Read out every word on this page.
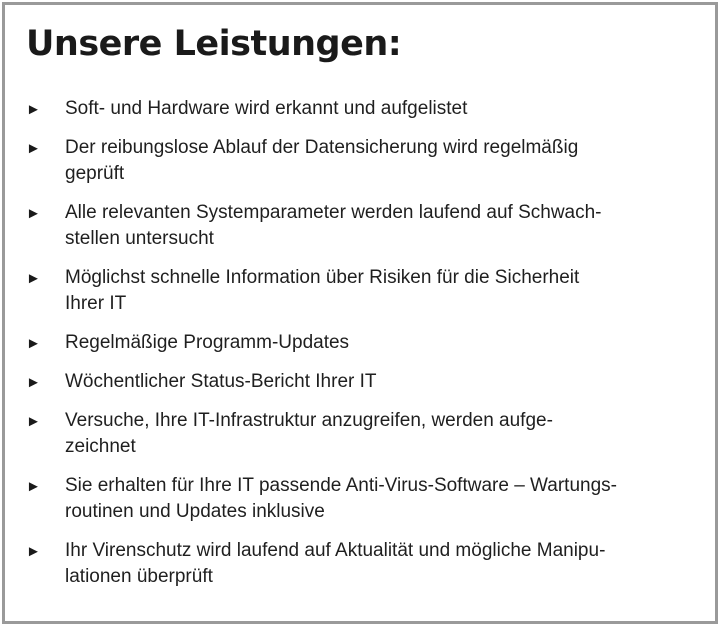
Unsere Leistungen:
► Soft- und Hardware wird erkannt und aufgelistet
► Der reibungslose Ablauf der Datensicherung wird regelmäßig
geprüft
► Alle relevanten Systemparameter werden laufend auf Schwach-
stellen untersucht
► Möglichst schnelle Information über Risiken für die Sicherheit
Ihrer IT
► Regelmäßige Programm-Updates
► Wöchentlicher Status-Bericht Ihrer IT
► Versuche, Ihre IT-Infrastruktur anzugreifen, werden aufge-
zeichnet
► Sie erhalten für Ihre IT passende Anti-Virus-Software – Wartungs-
routinen und Updates inklusive
► Ihr Virenschutz wird laufend auf Aktualität und mögliche Manipu-
lationen überprüft
